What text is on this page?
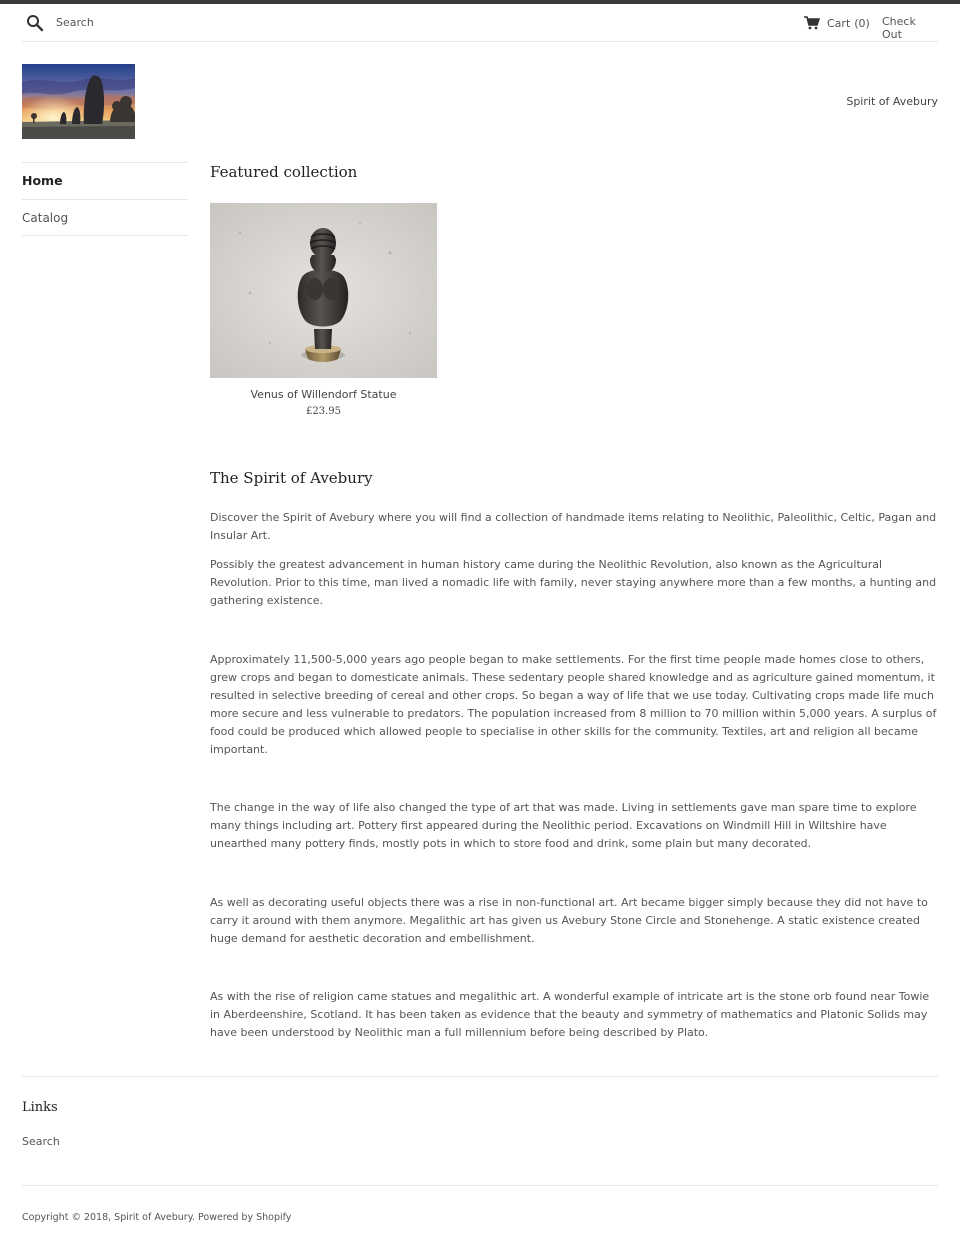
Search
Cart (0) Check Out
Spirit of Avebury
Home
Catalog
Featured collection
Venus of Willendorf Statue
£23.95
The Spirit of Avebury

Discover the Spirit of Avebury where you will find a collection of handmade items relating to Neolithic, Paleolithic, Celtic, Pagan and Insular Art.

Possibly the greatest advancement in human history came during the Neolithic Revolution, also known as the Agricultural Revolution. Prior to this time, man lived a nomadic life with family, never staying anywhere more than a few months, a hunting and gathering existence.

Approximately 11,500-5,000 years ago people began to make settlements. For the first time people made homes close to others, grew crops and began to domesticate animals. These sedentary people shared knowledge and as agriculture gained momentum, it resulted in selective breeding of cereal and other crops. So began a way of life that we use today. Cultivating crops made life much more secure and less vulnerable to predators. The population increased from 8 million to 70 million within 5,000 years. A surplus of food could be produced which allowed people to specialise in other skills for the community. Textiles, art and religion all became important.

The change in the way of life also changed the type of art that was made. Living in settlements gave man spare time to explore many things including art. Pottery first appeared during the Neolithic period. Excavations on Windmill Hill in Wiltshire have unearthed many pottery finds, mostly pots in which to store food and drink, some plain but many decorated.

As well as decorating useful objects there was a rise in non-functional art. Art became bigger simply because they did not have to carry it around with them anymore. Megalithic art has given us Avebury Stone Circle and Stonehenge. A static existence created huge demand for aesthetic decoration and embellishment.

As with the rise of religion came statues and megalithic art. A wonderful example of intricate art is the stone orb found near Towie in Aberdeenshire, Scotland. It has been taken as evidence that the beauty and symmetry of mathematics and Platonic Solids may have been understood by Neolithic man a full millennium before being described by Plato.

Links
Search
Copyright © 2018, Spirit of Avebury. Powered by Shopify
